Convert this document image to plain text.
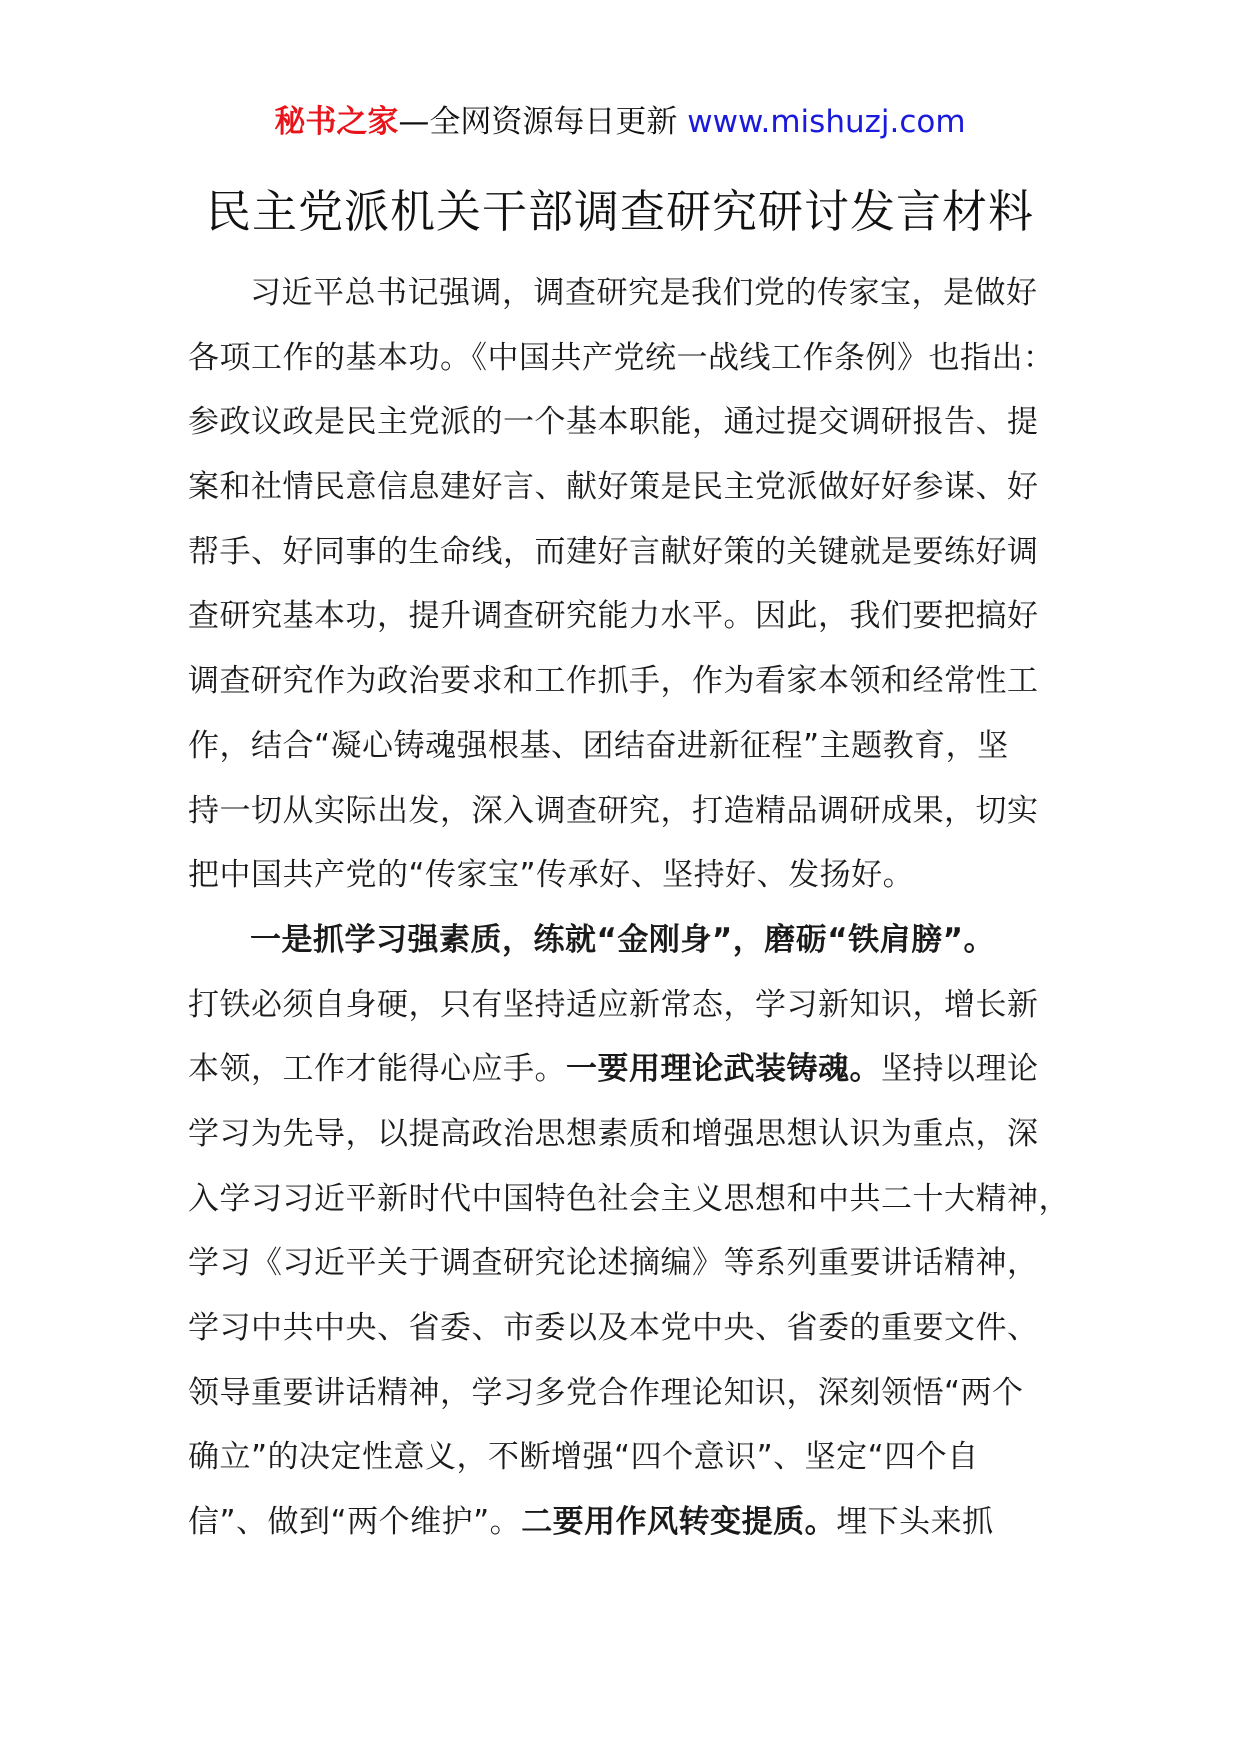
秘书之家—全网资源每日更新 www.mishuzj.com
民主党派机关干部调查研究研讨发言材料
习近平总书记强调，调查研究是我们党的传家宝，是做好
各项工作的基本功。《中国共产党统一战线工作条例》也指出：
参政议政是民主党派的一个基本职能，通过提交调研报告、提
案和社情民意信息建好言、献好策是民主党派做好好参谋、好
帮手、好同事的生命线，而建好言献好策的关键就是要练好调
查研究基本功，提升调查研究能力水平。因此，我们要把搞好
调查研究作为政治要求和工作抓手，作为看家本领和经常性工
作，结合“凝心铸魂强根基、团结奋进新征程”主题教育，坚
持一切从实际出发，深入调查研究，打造精品调研成果，切实
把中国共产党的“传家宝”传承好、坚持好、发扬好。
一是抓学习强素质，练就“金刚身”，磨砺“铁肩膀”。
打铁必须自身硬，只有坚持适应新常态，学习新知识，增长新
本领，工作才能得心应手。一要用理论武装铸魂。坚持以理论
学习为先导，以提高政治思想素质和增强思想认识为重点，深
入学习习近平新时代中国特色社会主义思想和中共二十大精神，
学习《习近平关于调查研究论述摘编》等系列重要讲话精神，
学习中共中央、省委、市委以及本党中央、省委的重要文件、
领导重要讲话精神，学习多党合作理论知识，深刻领悟“两个
确立”的决定性意义，不断增强“四个意识”、坚定“四个自
信”、做到“两个维护”。二要用作风转变提质。埋下头来抓
